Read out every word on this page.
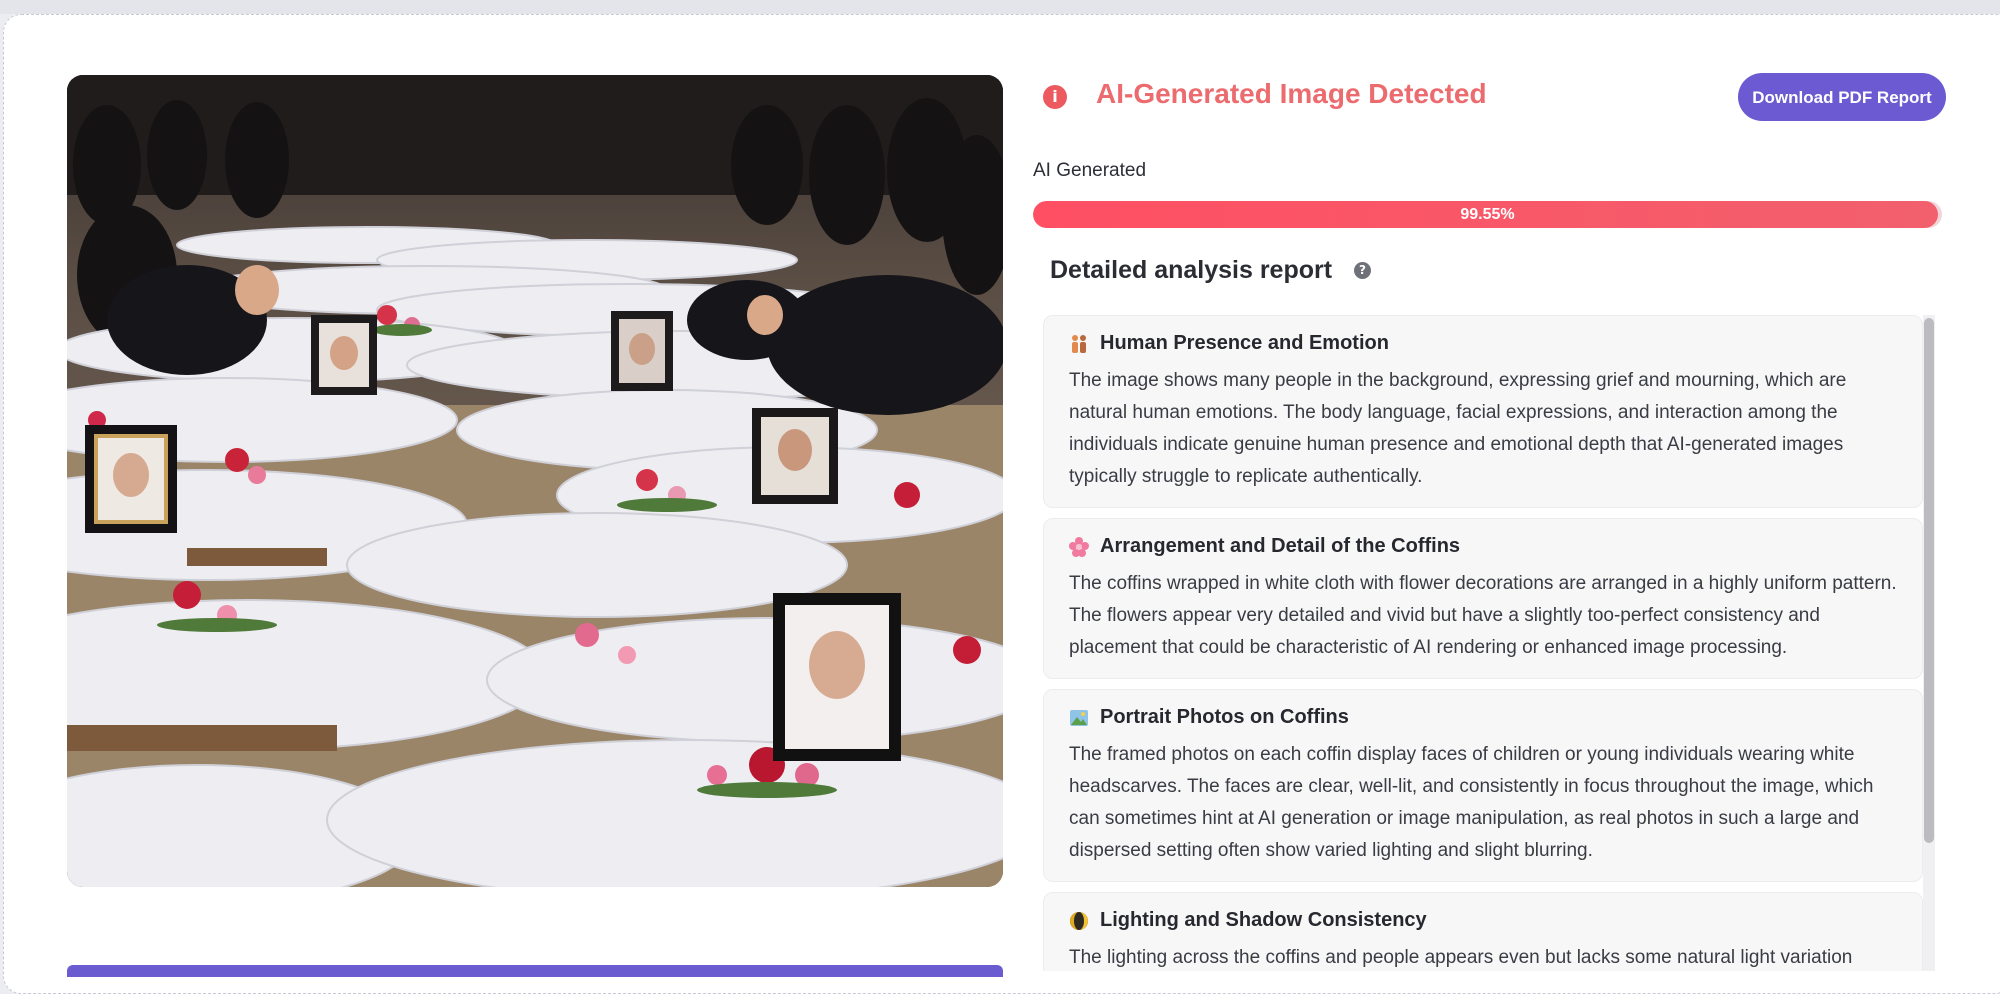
i	AI-Generated Image Detected	Download PDF Report
AI Generated
99.55%
Detailed analysis report	?
Human Presence and Emotion
The image shows many people in the background, expressing grief and mourning, which are natural human emotions. The body language, facial expressions, and interaction among the individuals indicate genuine human presence and emotional depth that AI-generated images typically struggle to replicate authentically.
Arrangement and Detail of the Coffins
The coffins wrapped in white cloth with flower decorations are arranged in a highly uniform pattern. The flowers appear very detailed and vivid but have a slightly too-perfect consistency and placement that could be characteristic of AI rendering or enhanced image processing.
Portrait Photos on Coffins
The framed photos on each coffin display faces of children or young individuals wearing white headscarves. The faces are clear, well-lit, and consistently in focus throughout the image, which can sometimes hint at AI generation or image manipulation, as real photos in such a large and dispersed setting often show varied lighting and slight blurring.
Lighting and Shadow Consistency
The lighting across the coffins and people appears even but lacks some natural light variation
